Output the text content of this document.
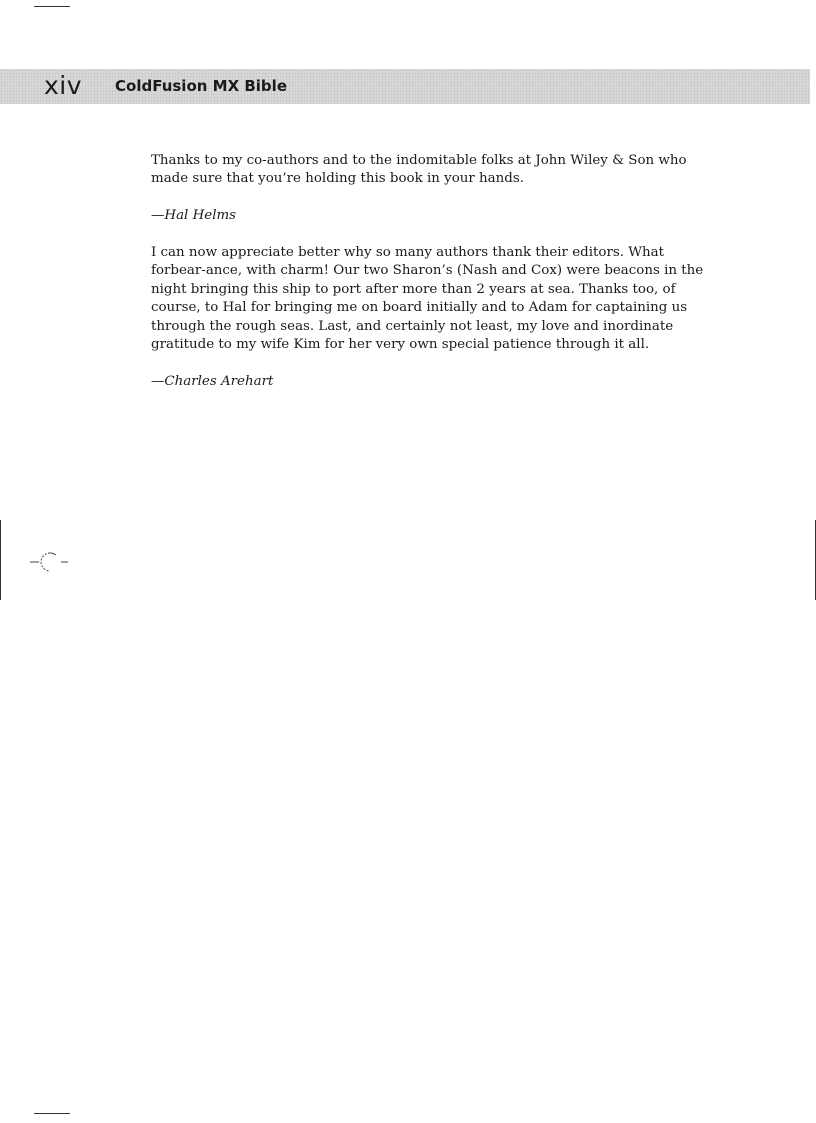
xiv ColdFusion MX Bible

Thanks to my co-authors and to the indomitable folks at John Wiley & Son who made sure that you’re holding this book in your hands.

—Hal Helms

I can now appreciate better why so many authors thank their editors. What forbear-ance, with charm! Our two Sharon’s (Nash and Cox) were beacons in the night bringing this ship to port after more than 2 years at sea. Thanks too, of course, to Hal for bringing me on board initially and to Adam for captaining us through the rough seas. Last, and certainly not least, my love and inordinate gratitude to my wife Kim for her very own special patience through it all.

—Charles Arehart
